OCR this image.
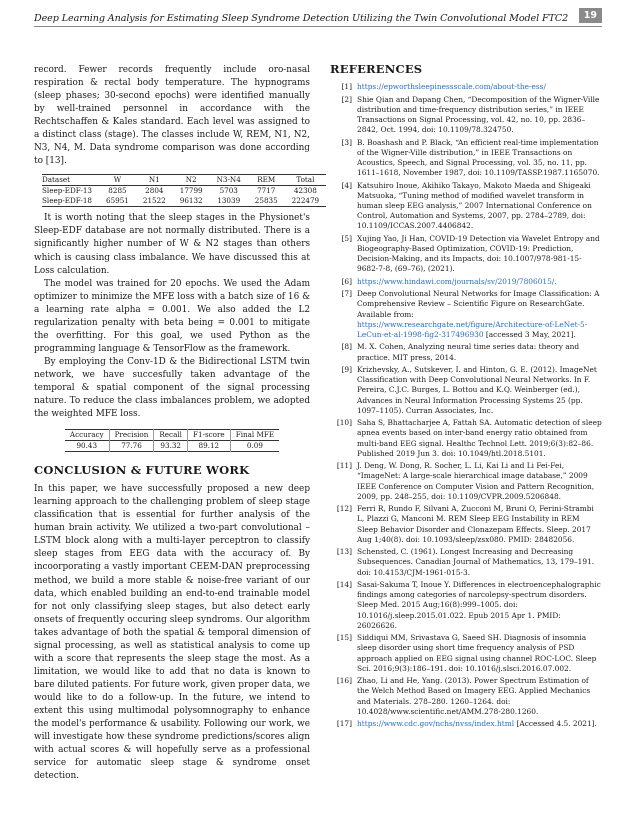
Deep Learning Analysis for Estimating Sleep Syndrome Detection Utilizing the Twin Convolutional Model FTC2	19

record. Fewer records frequently include oro-nasal respiration & rectal body temperature. The hypnograms (sleep phases; 30-second epochs) were identified manually by well-trained personnel in accordance with the Rechtschaffen & Kales standard. Each level was assigned to a distinct class (stage). The classes include W, REM, N1, N2, N3, N4, M. Data syndrome comparison was done according to [13].

Dataset	W	N1	N2	N3-N4	REM	Total
Sleep-EDF-13	8285	2804	17799	5703	7717	42308
Sleep-EDF-18	65951	21522	96132	13039	25835	222479

It is worth noting that the sleep stages in the Physionet's Sleep-EDF database are not normally distributed. There is a significantly higher number of W & N2 stages than others which is causing class imbalance. We have discussed this at Loss calculation.

The model was trained for 20 epochs. We used the Adam optimizer to minimize the MFE loss with a batch size of 16 & a learning rate alpha = 0.001. We also added the L2 regularization penalty with beta being = 0.001 to mitigate the overfitting. For this goal, we used Python as the programming language & TensorFlow as the framework.

By employing the Conv-1D & the Bidirectional LSTM twin network, we have succesfully taken advantage of the temporal & spatial component of the signal processing nature. To reduce the class imbalances problem, we adopted the weighted MFE loss.

Accuracy	Precision	Recall	F1-score	Final MFE
90.43	77.76	93.32	89.12	0.09
CONCLUSION & FUTURE WORK

In this paper, we have successfully proposed a new deep learning approach to the challenging problem of sleep stage classification that is essential for further analysis of the human brain activity. We utilized a two-part convolutional – LSTM block along with a multi-layer perceptron to classify sleep stages from EEG data with the accuracy of. By incoorporating a vastly important CEEM-DAN preprocessing method, we build a more stable & noise-free variant of our data, which enabled building an end-to-end trainable model for not only classifying sleep stages, but also detect early onsets of frequently occuring sleep syndroms. Our algorithm takes advantage of both the spatial & temporal dimension of signal processing, as well as statistical analysis to come up with a score that represents the sleep stage the most. As a limitation, we would like to add that no data is known to bare diluted patients. For future work, given proper data, we would like to do a follow-up. In the future, we intend to extent this using multimodal polysomnography to enhance the model's performance & usability. Following our work, we will investigate how these syndrome predictions/scores align with actual scores & will hopefully serve as a professional service for automatic sleep stage & syndrome onset detection.

REFERENCES
[1] https://epworthsleepinessscale.com/about-the-ess/
[2] Shie Qian and Dapang Chen, “Decomposition of the Wigner-Ville distribution and time-frequency distribution series,” in IEEE Transactions on Signal Processing, vol. 42, no. 10, pp. 2836–2842, Oct. 1994, doi: 10.1109/78.324750.
[3] B. Boashash and P. Black, “An efficient real-time implementation of the Wigner-Ville distribution,” in IEEE Transactions on Acoustics, Speech, and Signal Processing, vol. 35, no. 11, pp. 1611–1618, November 1987, doi: 10.1109/TASSP.1987.1165070.
[4] Katsuhiro Inoue, Akihiko Takayo, Makoto Maeda and Shigeaki Matsuoka, “Tuning method of modified wavelet transform in human sleep EEG analysis,” 2007 International Conference on Control, Automation and Systems, 2007, pp. 2784–2789, doi: 10.1109/ICCAS.2007.4406842.
[5] Xujing Yao, Ji Han, COVID-19 Detection via Wavelet Entropy and Biogeography-Based Optimization, COVID-19: Prediction, Decision-Making, and its Impacts, doi: 10.1007/978-981-15-9682-7-8, (69–76), (2021).
[6] https://www.hindawi.com/journals/sv/2019/7806015/.
[7] Deep Convolutional Neural Networks for Image Classification: A Comprehensive Review – Scientific Figure on ResearchGate. Available from: https://www.researchgate.net/figure/Architecture-of-LeNet-5-LeCun-et-al-1998-fig2-317496930 [accessed 3 May, 2021].
[8] M. X. Cohen, Analyzing neural time series data: theory and practice. MIT press, 2014.
[9] Krizhevsky, A., Sutskever, I. and Hinton, G. E. (2012). ImageNet Classification with Deep Convolutional Neural Networks. In F. Pereira, C.J.C. Burges, L. Bottou and K.Q. Weinberger (ed.), Advances in Neural Information Processing Systems 25 (pp. 1097–1105). Curran Associates, Inc.
[10] Saha S, Bhattacharjee A, Fattah SA. Automatic detection of sleep apnea events based on inter-band energy ratio obtained from multi-band EEG signal. Healthc Technol Lett. 2019;6(3):82–86. Published 2019 Jun 3. doi: 10.1049/htl.2018.5101.
[11] J. Deng, W. Dong, R. Socher, L. Li, Kai Li and Li Fei-Fei, “ImageNet: A large-scale hierarchical image database,” 2009 IEEE Conference on Computer Vision and Pattern Recognition, 2009, pp. 248–255, doi: 10.1109/CVPR.2009.5206848.
[12] Ferri R, Rundo F, Silvani A, Zucconi M, Bruni O, Ferini-Strambi L, Plazzi G, Manconi M. REM Sleep EEG Instability in REM Sleep Behavior Disorder and Clonazepam Effects. Sleep. 2017 Aug 1;40(8). doi: 10.1093/sleep/zsx080. PMID: 28482056.
[13] Schensted, C. (1961). Longest Increasing and Decreasing Subsequences. Canadian Journal of Mathematics, 13, 179–191. doi: 10.4153/CJM-1961-015-3.
[14] Sasai-Sakuma T, Inoue Y. Differences in electroencephalographic findings among categories of narcolepsy-spectrum disorders. Sleep Med. 2015 Aug;16(8):999–1005. doi: 10.1016/j.sleep.2015.01.022. Epub 2015 Apr 1. PMID: 26026626.
[15] Siddiqui MM, Srivastava G, Saeed SH. Diagnosis of insomnia sleep disorder using short time frequency analysis of PSD approach applied on EEG signal using channel ROC-LOC. Sleep Sci. 2016;9(3):186–191. doi: 10.1016/j.slsci.2016.07.002.
[16] Zhao, Li and He, Yang. (2013). Power Spectrum Estimation of the Welch Method Based on Imagery EEG. Applied Mechanics and Materials. 278–280. 1260–1264. doi: 10.4028/www.scientific.net/AMM.278-280.1260.
[17] https://www.cdc.gov/nchs/nvss/index.html [Accessed 4.5. 2021].
